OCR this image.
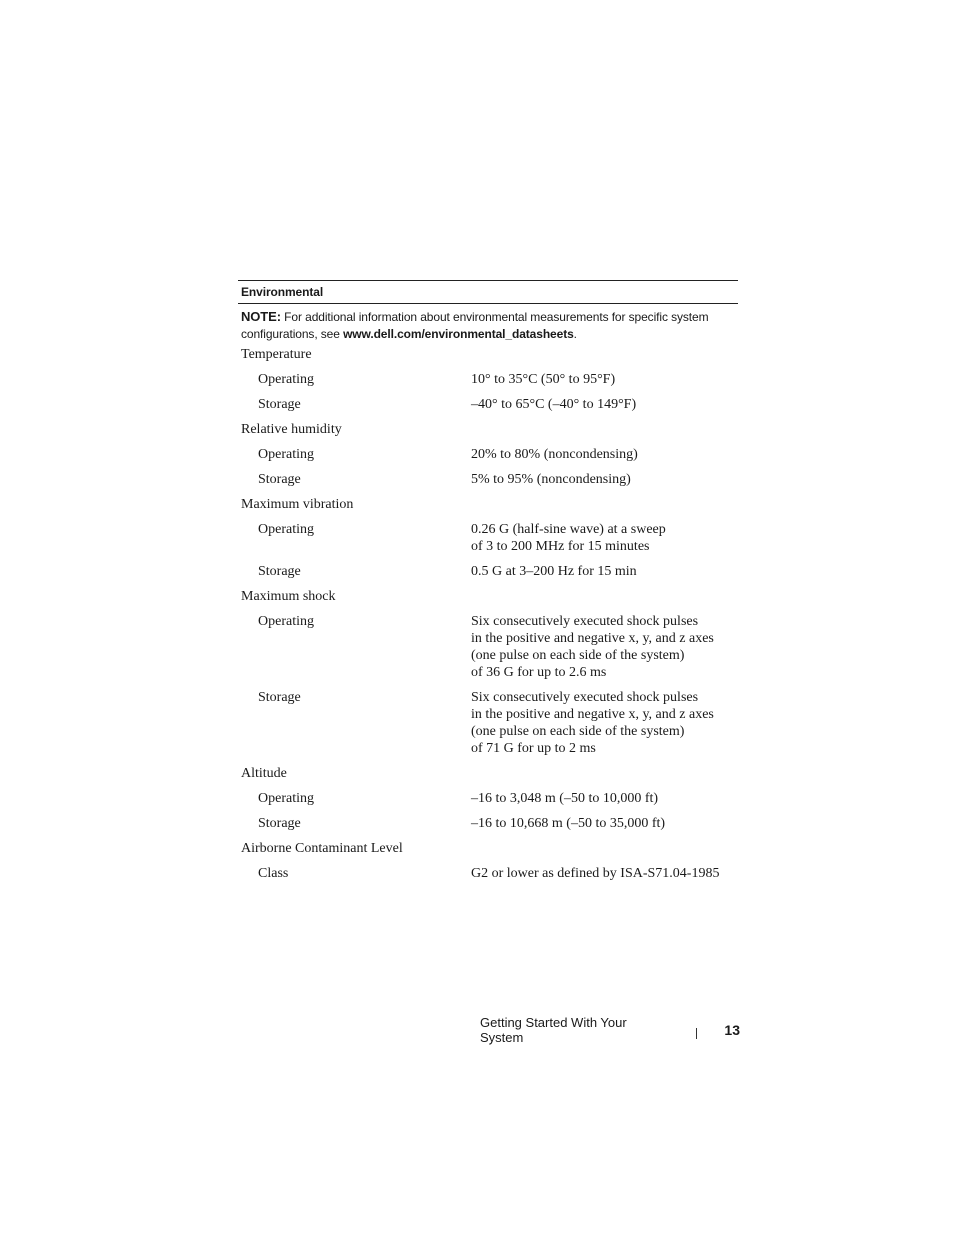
Environmental
NOTE: For additional information about environmental measurements for specific system configurations, see www.dell.com/environmental_datasheets.
Temperature
Operating	10° to 35°C (50° to 95°F)
Storage	–40° to 65°C (–40° to 149°F)
Relative humidity
Operating	20% to 80% (noncondensing)
Storage	5% to 95% (noncondensing)
Maximum vibration
Operating	0.26 G (half-sine wave) at a sweep
of 3 to 200 MHz for 15 minutes
Storage	0.5 G at 3–200 Hz for 15 min
Maximum shock
Operating	Six consecutively executed shock pulses
in the positive and negative x, y, and z axes
(one pulse on each side of the system)
of 36 G for up to 2.6 ms
Storage	Six consecutively executed shock pulses
in the positive and negative x, y, and z axes
(one pulse on each side of the system)
of 71 G for up to 2 ms
Altitude
Operating	–16 to 3,048 m (–50 to 10,000 ft)
Storage	–16 to 10,668 m (–50 to 35,000 ft)
Airborne Contaminant Level
Class	G2 or lower as defined by ISA-S71.04-1985
Getting Started With Your System	13
